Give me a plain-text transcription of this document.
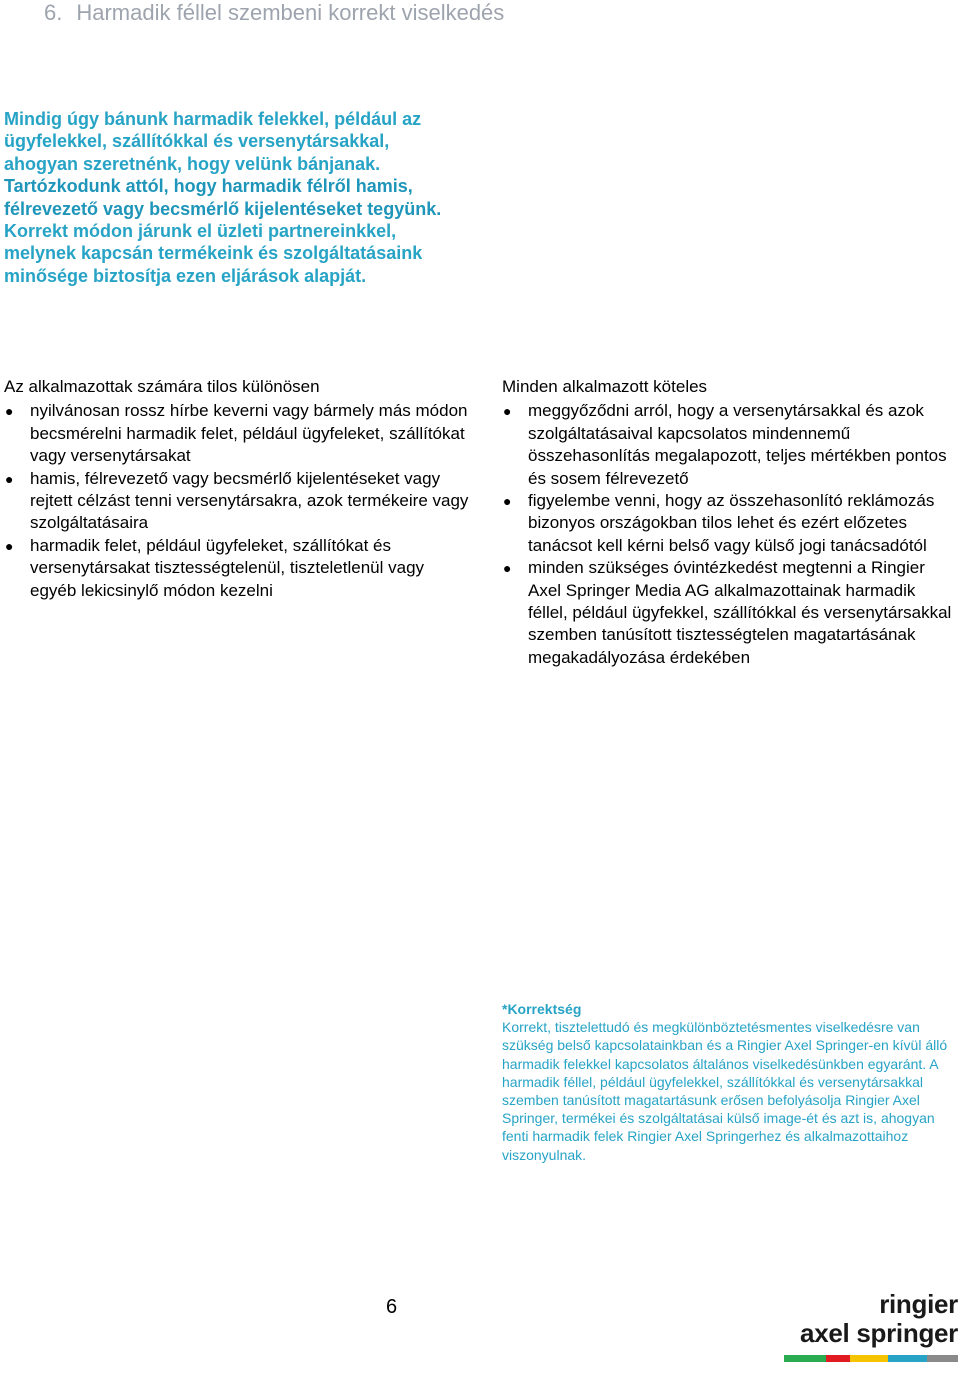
6. Harmadik féllel szembeni korrekt viselkedés

Mindig úgy bánunk harmadik felekkel, például az ügyfelekkel, szállítókkal és versenytársakkal, ahogyan szeretnénk, hogy velünk bánjanak. Tartózkodunk attól, hogy harmadik félről hamis, félrevezető vagy becsmérlő kijelentéseket tegyünk. Korrekt módon járunk el üzleti partnereinkkel, melynek kapcsán termékeink és szolgáltatásaink minősége biztosítja ezen eljárások alapját.

Az alkalmazottak számára tilos különösen
● nyilvánosan rossz hírbe keverni vagy bármely más módon becsmérelni harmadik felet, például ügyfeleket, szállítókat vagy versenytársakat
● hamis, félrevezető vagy becsmérlő kijelentéseket vagy rejtett célzást tenni versenytársakra, azok termékeire vagy szolgáltatásaira
● harmadik felet, például ügyfeleket, szállítókat és versenytársakat tisztességtelenül, tiszteletlenül vagy egyéb lekicsinylő módon kezelni
Minden alkalmazott köteles
● meggyőződni arról, hogy a versenytársakkal és azok szolgáltatásaival kapcsolatos mindennemű összehasonlítás megalapozott, teljes mértékben pontos és sosem félrevezető
● figyelembe venni, hogy az összehasonlító reklámozás bizonyos országokban tilos lehet és ezért előzetes tanácsot kell kérni belső vagy külső jogi tanácsadótól
● minden szükséges óvintézkedést megtenni a Ringier Axel Springer Media AG alkalmazottainak harmadik féllel, például ügyfekkel, szállítókkal és versenytársakkal szemben tanúsított tisztességtelen magatartásának megakadályozása érdekében
*Korrektség
Korrekt, tisztelettudó és megkülönböztetésmentes viselkedésre van szükség belső kapcsolatainkban és a Ringier Axel Springer-en kívül álló harmadik felekkel kapcsolatos általános viselkedésünkben egyaránt. A harmadik féllel, például ügyfelekkel, szállítókkal és versenytársakkal szemben tanúsított magatartásunk erősen befolyásolja Ringier Axel Springer, termékei és szolgáltatásai külső image-ét és azt is, ahogyan fenti harmadik felek Ringier Axel Springerhez és alkalmazottaihoz viszonyulnak.
6	ringier
axel springer
